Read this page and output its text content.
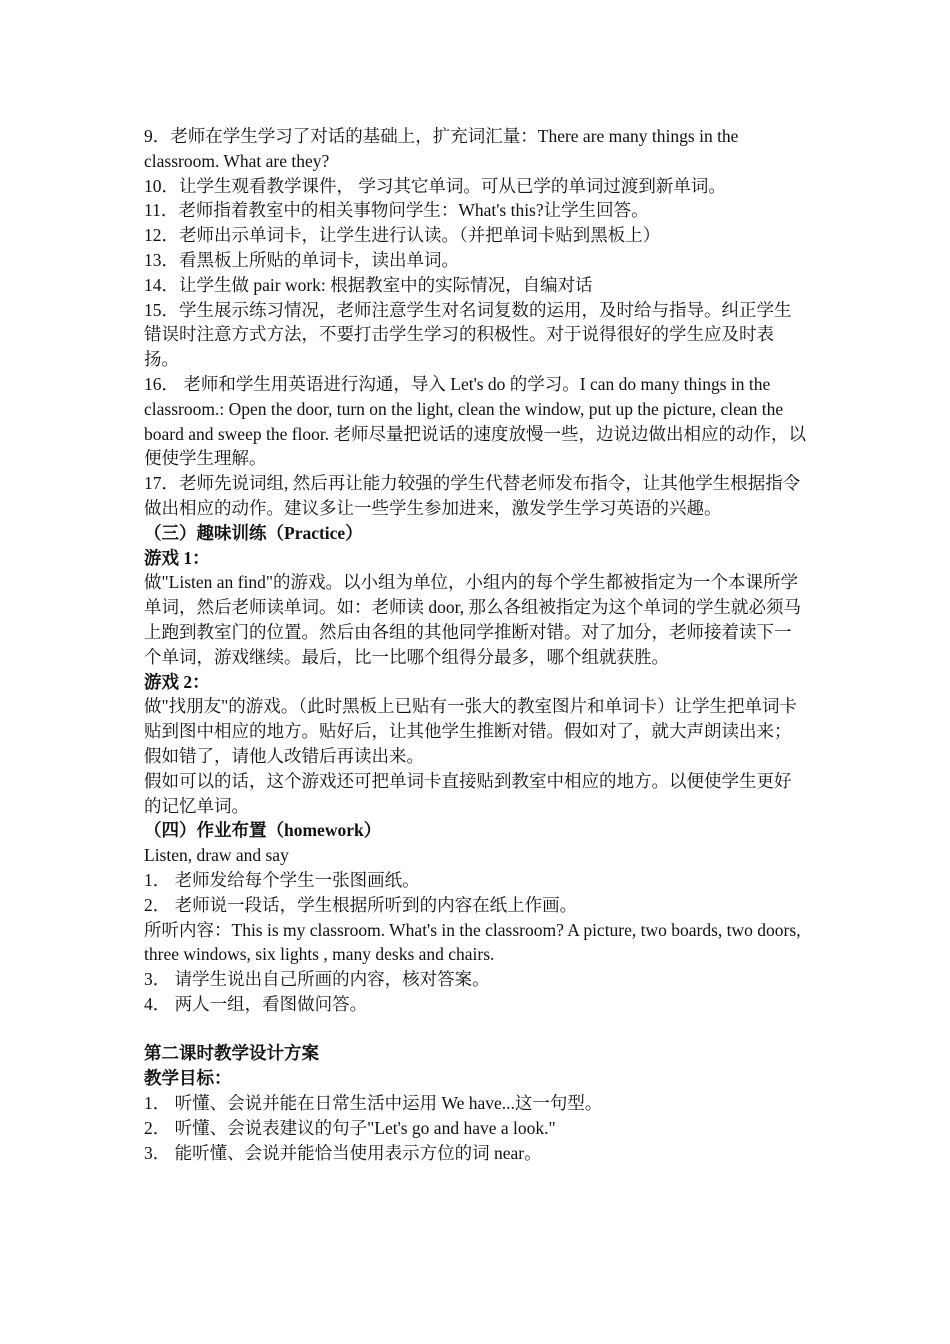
9．老师在学生学习了对话的基础上，扩充词汇量：There are many things in the classroom. What are they?

10．让学生观看教学课件， 学习其它单词。可从已学的单词过渡到新单词。

11．老师指着教室中的相关事物问学生：What's this?让学生回答。

12．老师出示单词卡，让学生进行认读。（并把单词卡贴到黑板上）

13．看黑板上所贴的单词卡，读出单词。

14．让学生做 pair work: 根据教室中的实际情况，自编对话

15．学生展示练习情况，老师注意学生对名词复数的运用，及时给与指导。纠正学生错误时注意方式方法，不要打击学生学习的积极性。对于说得很好的学生应及时表扬。

16． 老师和学生用英语进行沟通，导入 Let's do 的学习。I can do many things in the classroom.: Open the door, turn on the light, clean the window, put up the picture, clean the board and sweep the floor. 老师尽量把说话的速度放慢一些，边说边做出相应的动作，以便使学生理解。

17．老师先说词组, 然后再让能力较强的学生代替老师发布指令，让其他学生根据指令做出相应的动作。建议多让一些学生参加进来，激发学生学习英语的兴趣。

（三）趣味训练（Practice）

游戏 1：

做"Listen an find"的游戏。以小组为单位，小组内的每个学生都被指定为一个本课所学单词，然后老师读单词。如：老师读 door, 那么各组被指定为这个单词的学生就必须马上跑到教室门的位置。然后由各组的其他同学推断对错。对了加分，老师接着读下一个单词，游戏继续。最后，比一比哪个组得分最多，哪个组就获胜。

游戏 2：

做"找朋友"的游戏。（此时黑板上已贴有一张大的教室图片和单词卡）让学生把单词卡贴到图中相应的地方。贴好后，让其他学生推断对错。假如对了，就大声朗读出来；假如错了，请他人改错后再读出来。

假如可以的话，这个游戏还可把单词卡直接贴到教室中相应的地方。以便使学生更好的记忆单词。

（四）作业布置（homework）

Listen, draw and say

1． 老师发给每个学生一张图画纸。

2． 老师说一段话，学生根据所听到的内容在纸上作画。

所听内容：This is my classroom. What's in the classroom? A picture, two boards, two doors, three windows, six lights , many desks and chairs.

3． 请学生说出自己所画的内容，核对答案。

4． 两人一组，看图做问答。

第二课时教学设计方案

教学目标：

1． 听懂、会说并能在日常生活中运用 We have...这一句型。

2． 听懂、会说表建议的句子"Let's go and have a look."

3． 能听懂、会说并能恰当使用表示方位的词 near。
